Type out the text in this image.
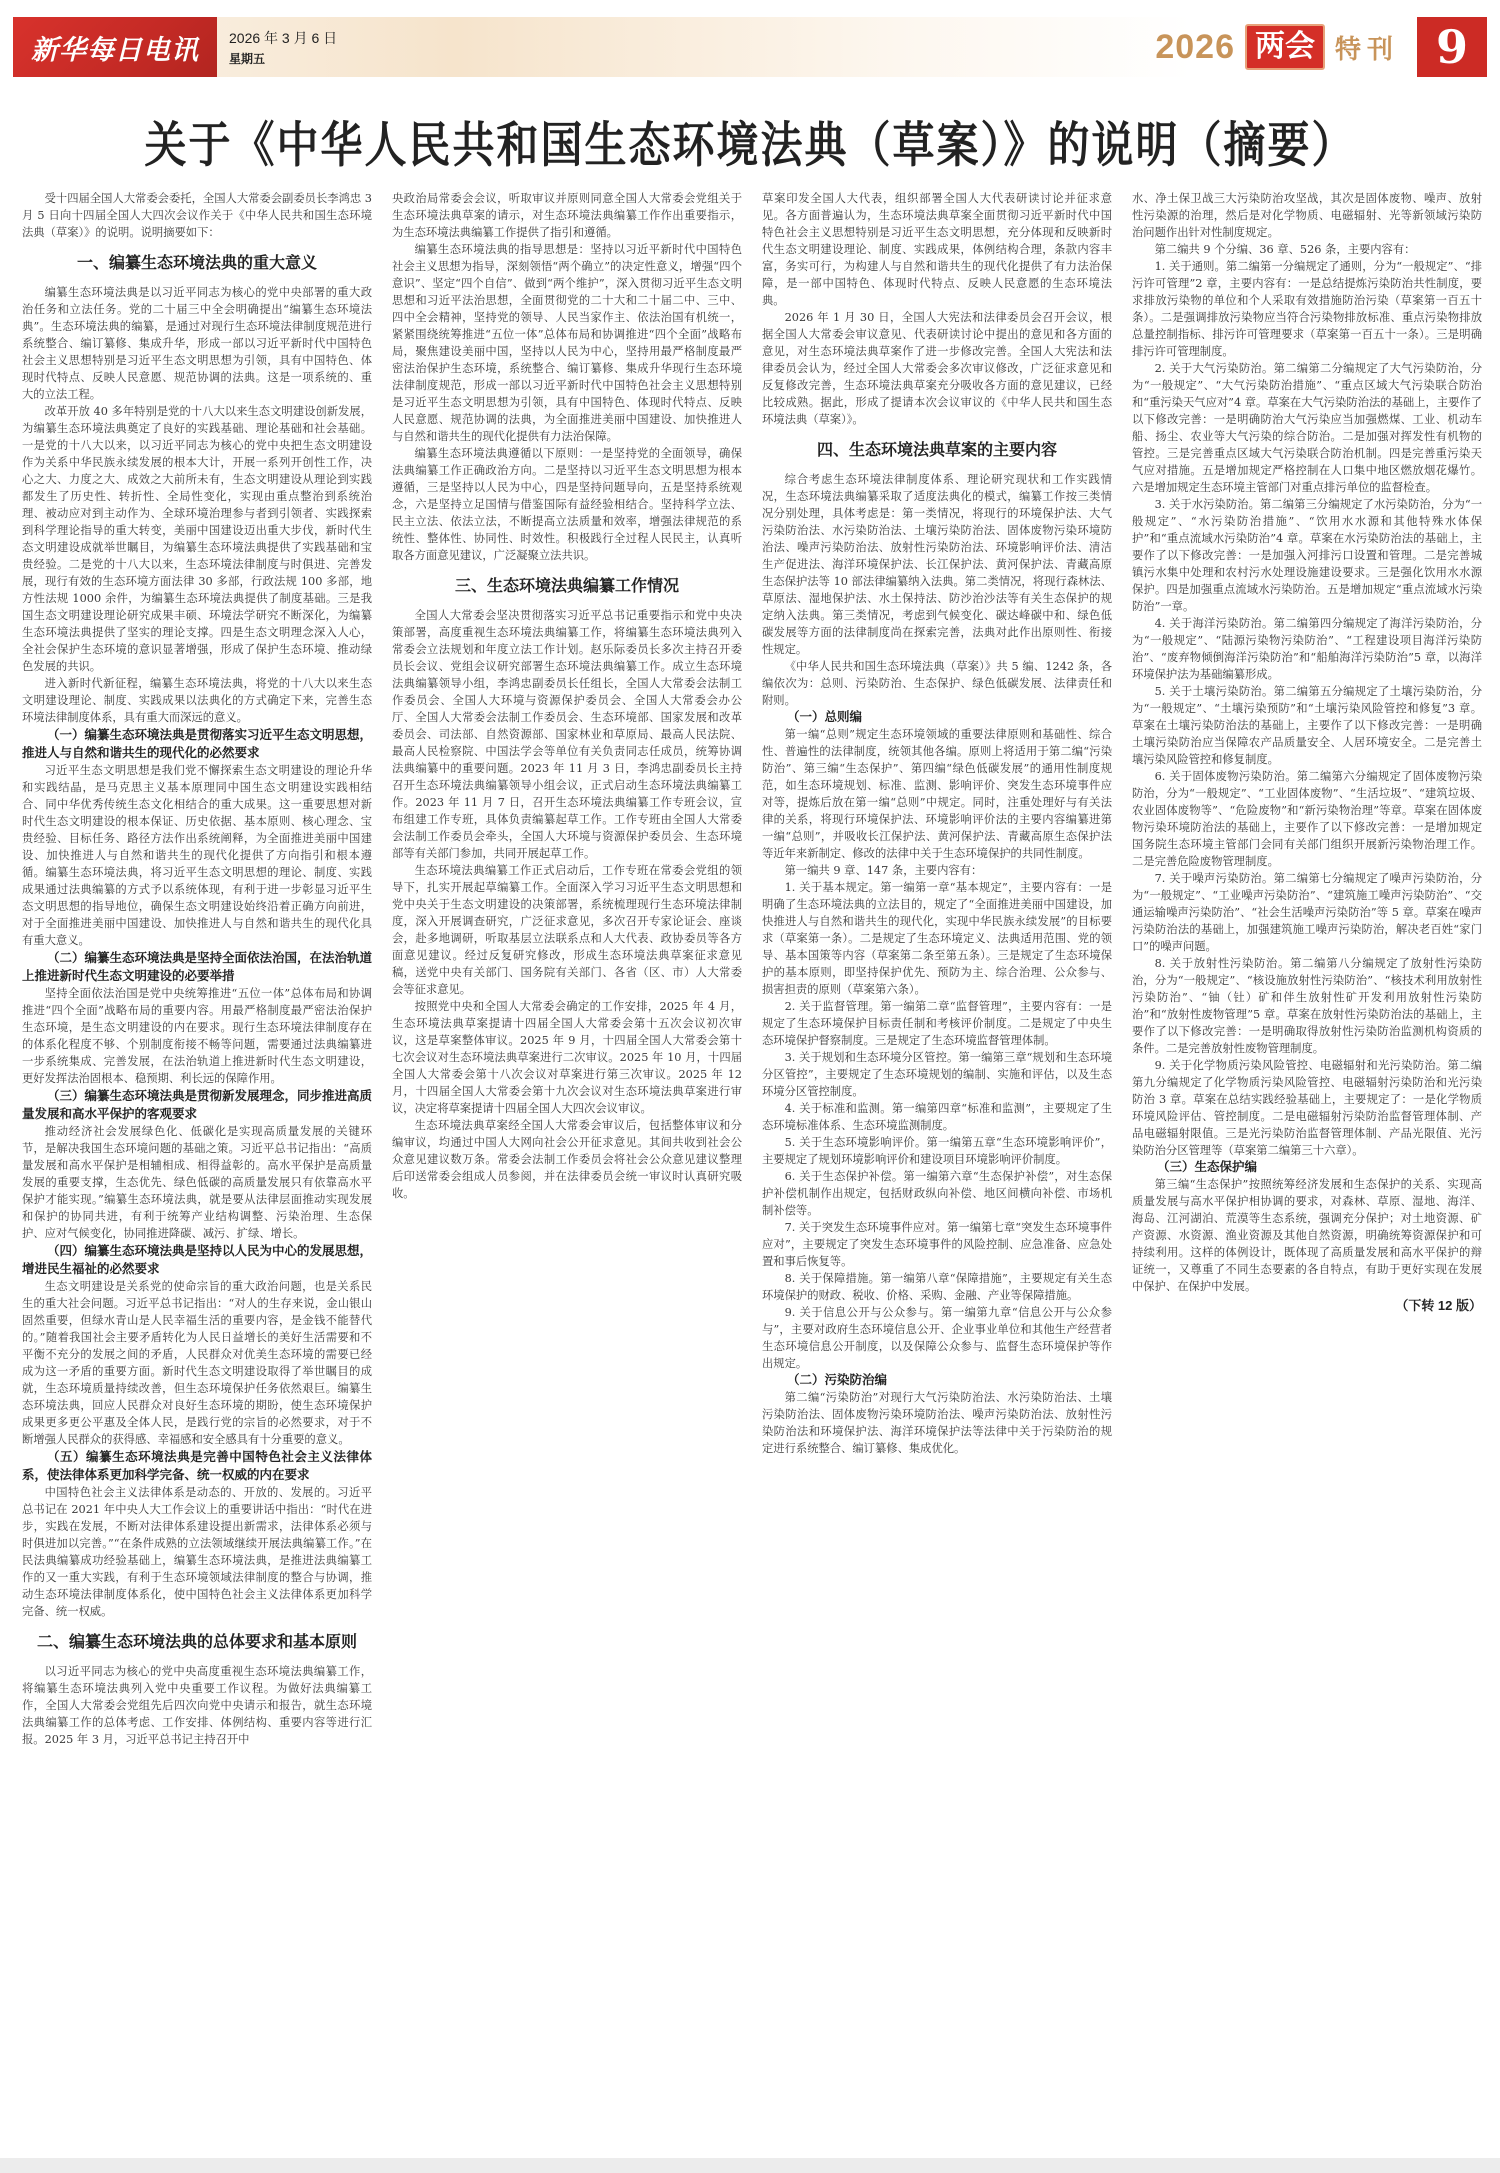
新华每日电讯 2026 年 3 月 6 日
星期五	2026 两会 特刊 9
关于《中华人民共和国生态环境法典（草案）》的说明（摘要）

受十四届全国人大常委会委托，全国人大常委会副委员长李鸿忠 3 月 5 日向十四届全国人大四次会议作关于《中华人民共和国生态环境法典（草案）》的说明。说明摘要如下：

一、编纂生态环境法典的重大意义

编纂生态环境法典是以习近平同志为核心的党中央部署的重大政治任务和立法任务。党的二十届三中全会明确提出“编纂生态环境法典”。生态环境法典的编纂，是通过对现行生态环境法律制度规范进行系统整合、编订纂修、集成升华，形成一部以习近平新时代中国特色社会主义思想特别是习近平生态文明思想为引领，具有中国特色、体现时代特点、反映人民意愿、规范协调的法典。这是一项系统的、重大的立法工程。

改革开放 40 多年特别是党的十八大以来生态文明建设创新发展，为编纂生态环境法典奠定了良好的实践基础、理论基础和社会基础。一是党的十八大以来，以习近平同志为核心的党中央把生态文明建设作为关系中华民族永续发展的根本大计，开展一系列开创性工作，决心之大、力度之大、成效之大前所未有，生态文明建设从理论到实践都发生了历史性、转折性、全局性变化，实现由重点整治到系统治理、被动应对到主动作为、全球环境治理参与者到引领者、实践探索到科学理论指导的重大转变，美丽中国建设迈出重大步伐，新时代生态文明建设成就举世瞩目，为编纂生态环境法典提供了实践基础和宝贵经验。二是党的十八大以来，生态环境法律制度与时俱进、完善发展，现行有效的生态环境方面法律 30 多部，行政法规 100 多部，地方性法规 1000 余件，为编纂生态环境法典提供了制度基础。三是我国生态文明建设理论研究成果丰硕、环境法学研究不断深化，为编纂生态环境法典提供了坚实的理论支撑。四是生态文明理念深入人心，全社会保护生态环境的意识显著增强，形成了保护生态环境、推动绿色发展的共识。

进入新时代新征程，编纂生态环境法典，将党的十八大以来生态文明建设理论、制度、实践成果以法典化的方式确定下来，完善生态环境法律制度体系，具有重大而深远的意义。

（一）编纂生态环境法典是贯彻落实习近平生态文明思想，推进人与自然和谐共生的现代化的必然要求

习近平生态文明思想是我们党不懈探索生态文明建设的理论升华和实践结晶，是马克思主义基本原理同中国生态文明建设实践相结合、同中华优秀传统生态文化相结合的重大成果。这一重要思想对新时代生态文明建设的根本保证、历史依据、基本原则、核心理念、宝贵经验、目标任务、路径方法作出系统阐释，为全面推进美丽中国建设、加快推进人与自然和谐共生的现代化提供了方向指引和根本遵循。编纂生态环境法典，将习近平生态文明思想的理论、制度、实践成果通过法典编纂的方式予以系统体现，有利于进一步彰显习近平生态文明思想的指导地位，确保生态文明建设始终沿着正确方向前进，对于全面推进美丽中国建设、加快推进人与自然和谐共生的现代化具有重大意义。

（二）编纂生态环境法典是坚持全面依法治国，在法治轨道上推进新时代生态文明建设的必要举措

坚持全面依法治国是党中央统筹推进“五位一体”总体布局和协调推进“四个全面”战略布局的重要内容。用最严格制度最严密法治保护生态环境，是生态文明建设的内在要求。现行生态环境法律制度存在的体系化程度不够、个别制度衔接不畅等问题，需要通过法典编纂进一步系统集成、完善发展，在法治轨道上推进新时代生态文明建设，更好发挥法治固根本、稳预期、利长远的保障作用。

（三）编纂生态环境法典是贯彻新发展理念，同步推进高质量发展和高水平保护的客观要求

推动经济社会发展绿色化、低碳化是实现高质量发展的关键环节，是解决我国生态环境问题的基础之策。习近平总书记指出：“高质量发展和高水平保护是相辅相成、相得益彰的。高水平保护是高质量发展的重要支撑，生态优先、绿色低碳的高质量发展只有依靠高水平保护才能实现。”编纂生态环境法典，就是要从法律层面推动实现发展和保护的协同共进，有利于统筹产业结构调整、污染治理、生态保护、应对气候变化，协同推进降碳、减污、扩绿、增长。

（四）编纂生态环境法典是坚持以人民为中心的发展思想，增进民生福祉的必然要求

生态文明建设是关系党的使命宗旨的重大政治问题，也是关系民生的重大社会问题。习近平总书记指出：“对人的生存来说，金山银山固然重要，但绿水青山是人民幸福生活的重要内容，是金钱不能替代的。”随着我国社会主要矛盾转化为人民日益增长的美好生活需要和不平衡不充分的发展之间的矛盾，人民群众对优美生态环境的需要已经成为这一矛盾的重要方面。新时代生态文明建设取得了举世瞩目的成就，生态环境质量持续改善，但生态环境保护任务依然艰巨。编纂生态环境法典，回应人民群众对良好生态环境的期盼，使生态环境保护成果更多更公平惠及全体人民，是践行党的宗旨的必然要求，对于不断增强人民群众的获得感、幸福感和安全感具有十分重要的意义。

（五）编纂生态环境法典是完善中国特色社会主义法律体系，使法律体系更加科学完备、统一权威的内在要求

中国特色社会主义法律体系是动态的、开放的、发展的。习近平总书记在 2021 年中央人大工作会议上的重要讲话中指出：“时代在进步，实践在发展，不断对法律体系建设提出新需求，法律体系必须与时俱进加以完善。”“在条件成熟的立法领域继续开展法典编纂工作。”在民法典编纂成功经验基础上，编纂生态环境法典，是推进法典编纂工作的又一重大实践，有利于生态环境领域法律制度的整合与协调，推动生态环境法律制度体系化，使中国特色社会主义法律体系更加科学完备、统一权威。

二、编纂生态环境法典的总体要求和基本原则

以习近平同志为核心的党中央高度重视生态环境法典编纂工作，将编纂生态环境法典列入党中央重要工作议程。为做好法典编纂工作，全国人大常委会党组先后四次向党中央请示和报告，就生态环境法典编纂工作的总体考虑、工作安排、体例结构、重要内容等进行汇报。2025 年 3 月，习近平总书记主持召开中

央政治局常委会会议，听取审议并原则同意全国人大常委会党组关于生态环境法典草案的请示，对生态环境法典编纂工作作出重要指示，为生态环境法典编纂工作提供了指引和遵循。

编纂生态环境法典的指导思想是：坚持以习近平新时代中国特色社会主义思想为指导，深刻领悟“两个确立”的决定性意义，增强“四个意识”、坚定“四个自信”、做到“两个维护”，深入贯彻习近平生态文明思想和习近平法治思想，全面贯彻党的二十大和二十届二中、三中、四中全会精神，坚持党的领导、人民当家作主、依法治国有机统一，紧紧围绕统筹推进“五位一体”总体布局和协调推进“四个全面”战略布局，聚焦建设美丽中国，坚持以人民为中心，坚持用最严格制度最严密法治保护生态环境，系统整合、编订纂修、集成升华现行生态环境法律制度规范，形成一部以习近平新时代中国特色社会主义思想特别是习近平生态文明思想为引领，具有中国特色、体现时代特点、反映人民意愿、规范协调的法典，为全面推进美丽中国建设、加快推进人与自然和谐共生的现代化提供有力法治保障。

编纂生态环境法典遵循以下原则：一是坚持党的全面领导，确保法典编纂工作正确政治方向。二是坚持以习近平生态文明思想为根本遵循，三是坚持以人民为中心，四是坚持问题导向，五是坚持系统观念，六是坚持立足国情与借鉴国际有益经验相结合。坚持科学立法、民主立法、依法立法，不断提高立法质量和效率，增强法律规范的系统性、整体性、协同性、时效性。积极践行全过程人民民主，认真听取各方面意见建议，广泛凝聚立法共识。

三、生态环境法典编纂工作情况

全国人大常委会坚决贯彻落实习近平总书记重要指示和党中央决策部署，高度重视生态环境法典编纂工作，将编纂生态环境法典列入常委会立法规划和年度立法工作计划。赵乐际委员长多次主持召开委员长会议、党组会议研究部署生态环境法典编纂工作。成立生态环境法典编纂领导小组，李鸿忠副委员长任组长，全国人大常委会法制工作委员会、全国人大环境与资源保护委员会、全国人大常委会办公厅、全国人大常委会法制工作委员会、生态环境部、国家发展和改革委员会、司法部、自然资源部、国家林业和草原局、最高人民法院、最高人民检察院、中国法学会等单位有关负责同志任成员，统筹协调法典编纂中的重要问题。2023 年 11 月 3 日，李鸿忠副委员长主持召开生态环境法典编纂领导小组会议，正式启动生态环境法典编纂工作。2023 年 11 月 7 日，召开生态环境法典编纂工作专班会议，宣布组建工作专班，具体负责编纂起草工作。工作专班由全国人大常委会法制工作委员会牵头，全国人大环境与资源保护委员会、生态环境部等有关部门参加，共同开展起草工作。

生态环境法典编纂工作正式启动后，工作专班在常委会党组的领导下，扎实开展起草编纂工作。全面深入学习习近平生态文明思想和党中央关于生态文明建设的决策部署，系统梳理现行生态环境法律制度，深入开展调查研究，广泛征求意见，多次召开专家论证会、座谈会，赴多地调研，听取基层立法联系点和人大代表、政协委员等各方面意见建议。经过反复研究修改，形成生态环境法典草案征求意见稿，送党中央有关部门、国务院有关部门、各省（区、市）人大常委会等征求意见。

按照党中央和全国人大常委会确定的工作安排，2025 年 4 月，生态环境法典草案提请十四届全国人大常委会第十五次会议初次审议，这是草案整体审议。2025 年 9 月，十四届全国人大常委会第十七次会议对生态环境法典草案进行二次审议。2025 年 10 月，十四届全国人大常委会第十八次会议对草案进行第三次审议。2025 年 12 月，十四届全国人大常委会第十九次会议对生态环境法典草案进行审议，决定将草案提请十四届全国人大四次会议审议。

生态环境法典草案经全国人大常委会审议后，包括整体审议和分编审议，均通过中国人大网向社会公开征求意见。其间共收到社会公众意见建议数万条。常委会法制工作委员会将社会公众意见建议整理后印送常委会组成人员参阅，并在法律委员会统一审议时认真研究吸收。

草案印发全国人大代表，组织部署全国人大代表研读讨论并征求意见。各方面普遍认为，生态环境法典草案全面贯彻习近平新时代中国特色社会主义思想特别是习近平生态文明思想，充分体现和反映新时代生态文明建设理论、制度、实践成果，体例结构合理，条款内容丰富，务实可行，为构建人与自然和谐共生的现代化提供了有力法治保障，是一部中国特色、体现时代特点、反映人民意愿的生态环境法典。

2026 年 1 月 30 日，全国人大宪法和法律委员会召开会议，根据全国人大常委会审议意见、代表研读讨论中提出的意见和各方面的意见，对生态环境法典草案作了进一步修改完善。全国人大宪法和法律委员会认为，经过全国人大常委会多次审议修改，广泛征求意见和反复修改完善，生态环境法典草案充分吸收各方面的意见建议，已经比较成熟。据此，形成了提请本次会议审议的《中华人民共和国生态环境法典（草案）》。

四、生态环境法典草案的主要内容

综合考虑生态环境法律制度体系、理论研究现状和工作实践情况，生态环境法典编纂采取了适度法典化的模式，编纂工作按三类情况分别处理，具体考虑是：第一类情况，将现行的环境保护法、大气污染防治法、水污染防治法、土壤污染防治法、固体废物污染环境防治法、噪声污染防治法、放射性污染防治法、环境影响评价法、清洁生产促进法、海洋环境保护法、长江保护法、黄河保护法、青藏高原生态保护法等 10 部法律编纂纳入法典。第二类情况，将现行森林法、草原法、湿地保护法、水土保持法、防沙治沙法等有关生态保护的规定纳入法典。第三类情况，考虑到气候变化、碳达峰碳中和、绿色低碳发展等方面的法律制度尚在探索完善，法典对此作出原则性、衔接性规定。

《中华人民共和国生态环境法典（草案）》共 5 编、1242 条，各编依次为：总则、污染防治、生态保护、绿色低碳发展、法律责任和附则。

（一）总则编

第一编“总则”规定生态环境领域的重要法律原则和基础性、综合性、普遍性的法律制度，统领其他各编。原则上将适用于第二编“污染防治”、第三编“生态保护”、第四编“绿色低碳发展”的通用性制度规范，如生态环境规划、标准、监测、影响评价、突发生态环境事件应对等，提炼后放在第一编“总则”中规定。同时，注重处理好与有关法律的关系，将现行环境保护法、环境影响评价法的主要内容编纂进第一编“总则”，并吸收长江保护法、黄河保护法、青藏高原生态保护法等近年来新制定、修改的法律中关于生态环境保护的共同性制度。

第一编共 9 章、147 条，主要内容有：

1. 关于基本规定。第一编第一章“基本规定”，主要内容有：一是明确了生态环境法典的立法目的，规定了“全面推进美丽中国建设，加快推进人与自然和谐共生的现代化，实现中华民族永续发展”的目标要求（草案第一条）。二是规定了生态环境定义、法典适用范围、党的领导、基本国策等内容（草案第二条至第五条）。三是规定了生态环境保护的基本原则，即坚持保护优先、预防为主、综合治理、公众参与、损害担责的原则（草案第六条）。

2. 关于监督管理。第一编第二章“监督管理”，主要内容有：一是规定了生态环境保护目标责任制和考核评价制度。二是规定了中央生态环境保护督察制度。三是规定了生态环境监督管理体制。

3. 关于规划和生态环境分区管控。第一编第三章“规划和生态环境分区管控”，主要规定了生态环境规划的编制、实施和评估，以及生态环境分区管控制度。

4. 关于标准和监测。第一编第四章“标准和监测”，主要规定了生态环境标准体系、生态环境监测制度。

5. 关于生态环境影响评价。第一编第五章“生态环境影响评价”，主要规定了规划环境影响评价和建设项目环境影响评价制度。

6. 关于生态保护补偿。第一编第六章“生态保护补偿”，对生态保护补偿机制作出规定，包括财政纵向补偿、地区间横向补偿、市场机制补偿等。

7. 关于突发生态环境事件应对。第一编第七章“突发生态环境事件应对”，主要规定了突发生态环境事件的风险控制、应急准备、应急处置和事后恢复等。

8. 关于保障措施。第一编第八章“保障措施”，主要规定有关生态环境保护的财政、税收、价格、采购、金融、产业等保障措施。

9. 关于信息公开与公众参与。第一编第九章“信息公开与公众参与”，主要对政府生态环境信息公开、企业事业单位和其他生产经营者生态环境信息公开制度，以及保障公众参与、监督生态环境保护等作出规定。

（二）污染防治编

第二编“污染防治”对现行大气污染防治法、水污染防治法、土壤污染防治法、固体废物污染环境防治法、噪声污染防治法、放射性污染防治法和环境保护法、海洋环境保护法等法律中关于污染防治的规定进行系统整合、编订纂修、集成优化。

水、净土保卫战三大污染防治攻坚战，其次是固体废物、噪声、放射性污染源的治理，然后是对化学物质、电磁辐射、光等新领域污染防治问题作出针对性制度规定。

第二编共 9 个分编、36 章、526 条，主要内容有：

1. 关于通则。第二编第一分编规定了通则，分为“一般规定”、“排污许可管理”2 章，主要内容有：一是总结提炼污染防治共性制度，要求排放污染物的单位和个人采取有效措施防治污染（草案第一百五十条）。二是强调排放污染物应当符合污染物排放标准、重点污染物排放总量控制指标、排污许可管理要求（草案第一百五十一条）。三是明确排污许可管理制度。

2. 关于大气污染防治。第二编第二分编规定了大气污染防治，分为“一般规定”、“大气污染防治措施”、“重点区域大气污染联合防治和“重污染天气应对”4 章。草案在大气污染防治法的基础上，主要作了以下修改完善：一是明确防治大气污染应当加强燃煤、工业、机动车船、扬尘、农业等大气污染的综合防治。二是加强对挥发性有机物的管控。三是完善重点区域大气污染联合防治机制。四是完善重污染天气应对措施。五是增加规定严格控制在人口集中地区燃放烟花爆竹。六是增加规定生态环境主管部门对重点排污单位的监督检查。

3. 关于水污染防治。第二编第三分编规定了水污染防治，分为“一般规定”、“水污染防治措施”、“饮用水水源和其他特殊水体保护”和“重点流域水污染防治”4 章。草案在水污染防治法的基础上，主要作了以下修改完善：一是加强入河排污口设置和管理。二是完善城镇污水集中处理和农村污水处理设施建设要求。三是强化饮用水水源保护。四是加强重点流域水污染防治。五是增加规定“重点流域水污染防治”一章。

4. 关于海洋污染防治。第二编第四分编规定了海洋污染防治，分为“一般规定”、“陆源污染物污染防治”、“工程建设项目海洋污染防治”、“废弃物倾倒海洋污染防治”和“船舶海洋污染防治”5 章，以海洋环境保护法为基础编纂形成。

5. 关于土壤污染防治。第二编第五分编规定了土壤污染防治，分为“一般规定”、“土壤污染预防”和“土壤污染风险管控和修复”3 章。草案在土壤污染防治法的基础上，主要作了以下修改完善：一是明确土壤污染防治应当保障农产品质量安全、人居环境安全。二是完善土壤污染风险管控和修复制度。

6. 关于固体废物污染防治。第二编第六分编规定了固体废物污染防治，分为“一般规定”、“工业固体废物”、“生活垃圾”、“建筑垃圾、农业固体废物等”、“危险废物”和“新污染物治理”等章。草案在固体废物污染环境防治法的基础上，主要作了以下修改完善：一是增加规定国务院生态环境主管部门会同有关部门组织开展新污染物治理工作。二是完善危险废物管理制度。

7. 关于噪声污染防治。第二编第七分编规定了噪声污染防治，分为“一般规定”、“工业噪声污染防治”、“建筑施工噪声污染防治”、“交通运输噪声污染防治”、“社会生活噪声污染防治”等 5 章。草案在噪声污染防治法的基础上，加强建筑施工噪声污染防治，解决老百姓“家门口”的噪声问题。

8. 关于放射性污染防治。第二编第八分编规定了放射性污染防治，分为“一般规定”、“核设施放射性污染防治”、“核技术利用放射性污染防治”、“铀（钍）矿和伴生放射性矿开发利用放射性污染防治”和“放射性废物管理”5 章。草案在放射性污染防治法的基础上，主要作了以下修改完善：一是明确取得放射性污染防治监测机构资质的条件。二是完善放射性废物管理制度。

9. 关于化学物质污染风险管控、电磁辐射和光污染防治。第二编第九分编规定了化学物质污染风险管控、电磁辐射污染防治和光污染防治 3 章。草案在总结实践经验基础上，主要规定了：一是化学物质环境风险评估、管控制度。二是电磁辐射污染防治监督管理体制、产品电磁辐射限值。三是光污染防治监督管理体制、产品光限值、光污染防治分区管理等（草案第二编第三十六章）。

（三）生态保护编

第三编“生态保护”按照统筹经济发展和生态保护的关系、实现高质量发展与高水平保护相协调的要求，对森林、草原、湿地、海洋、海岛、江河湖泊、荒漠等生态系统，强调充分保护；对土地资源、矿产资源、水资源、渔业资源及其他自然资源，明确统筹资源保护和可持续利用。这样的体例设计，既体现了高质量发展和高水平保护的辩证统一，又尊重了不同生态要素的各自特点，有助于更好实现在发展中保护、在保护中发展。

（下转 12 版）
